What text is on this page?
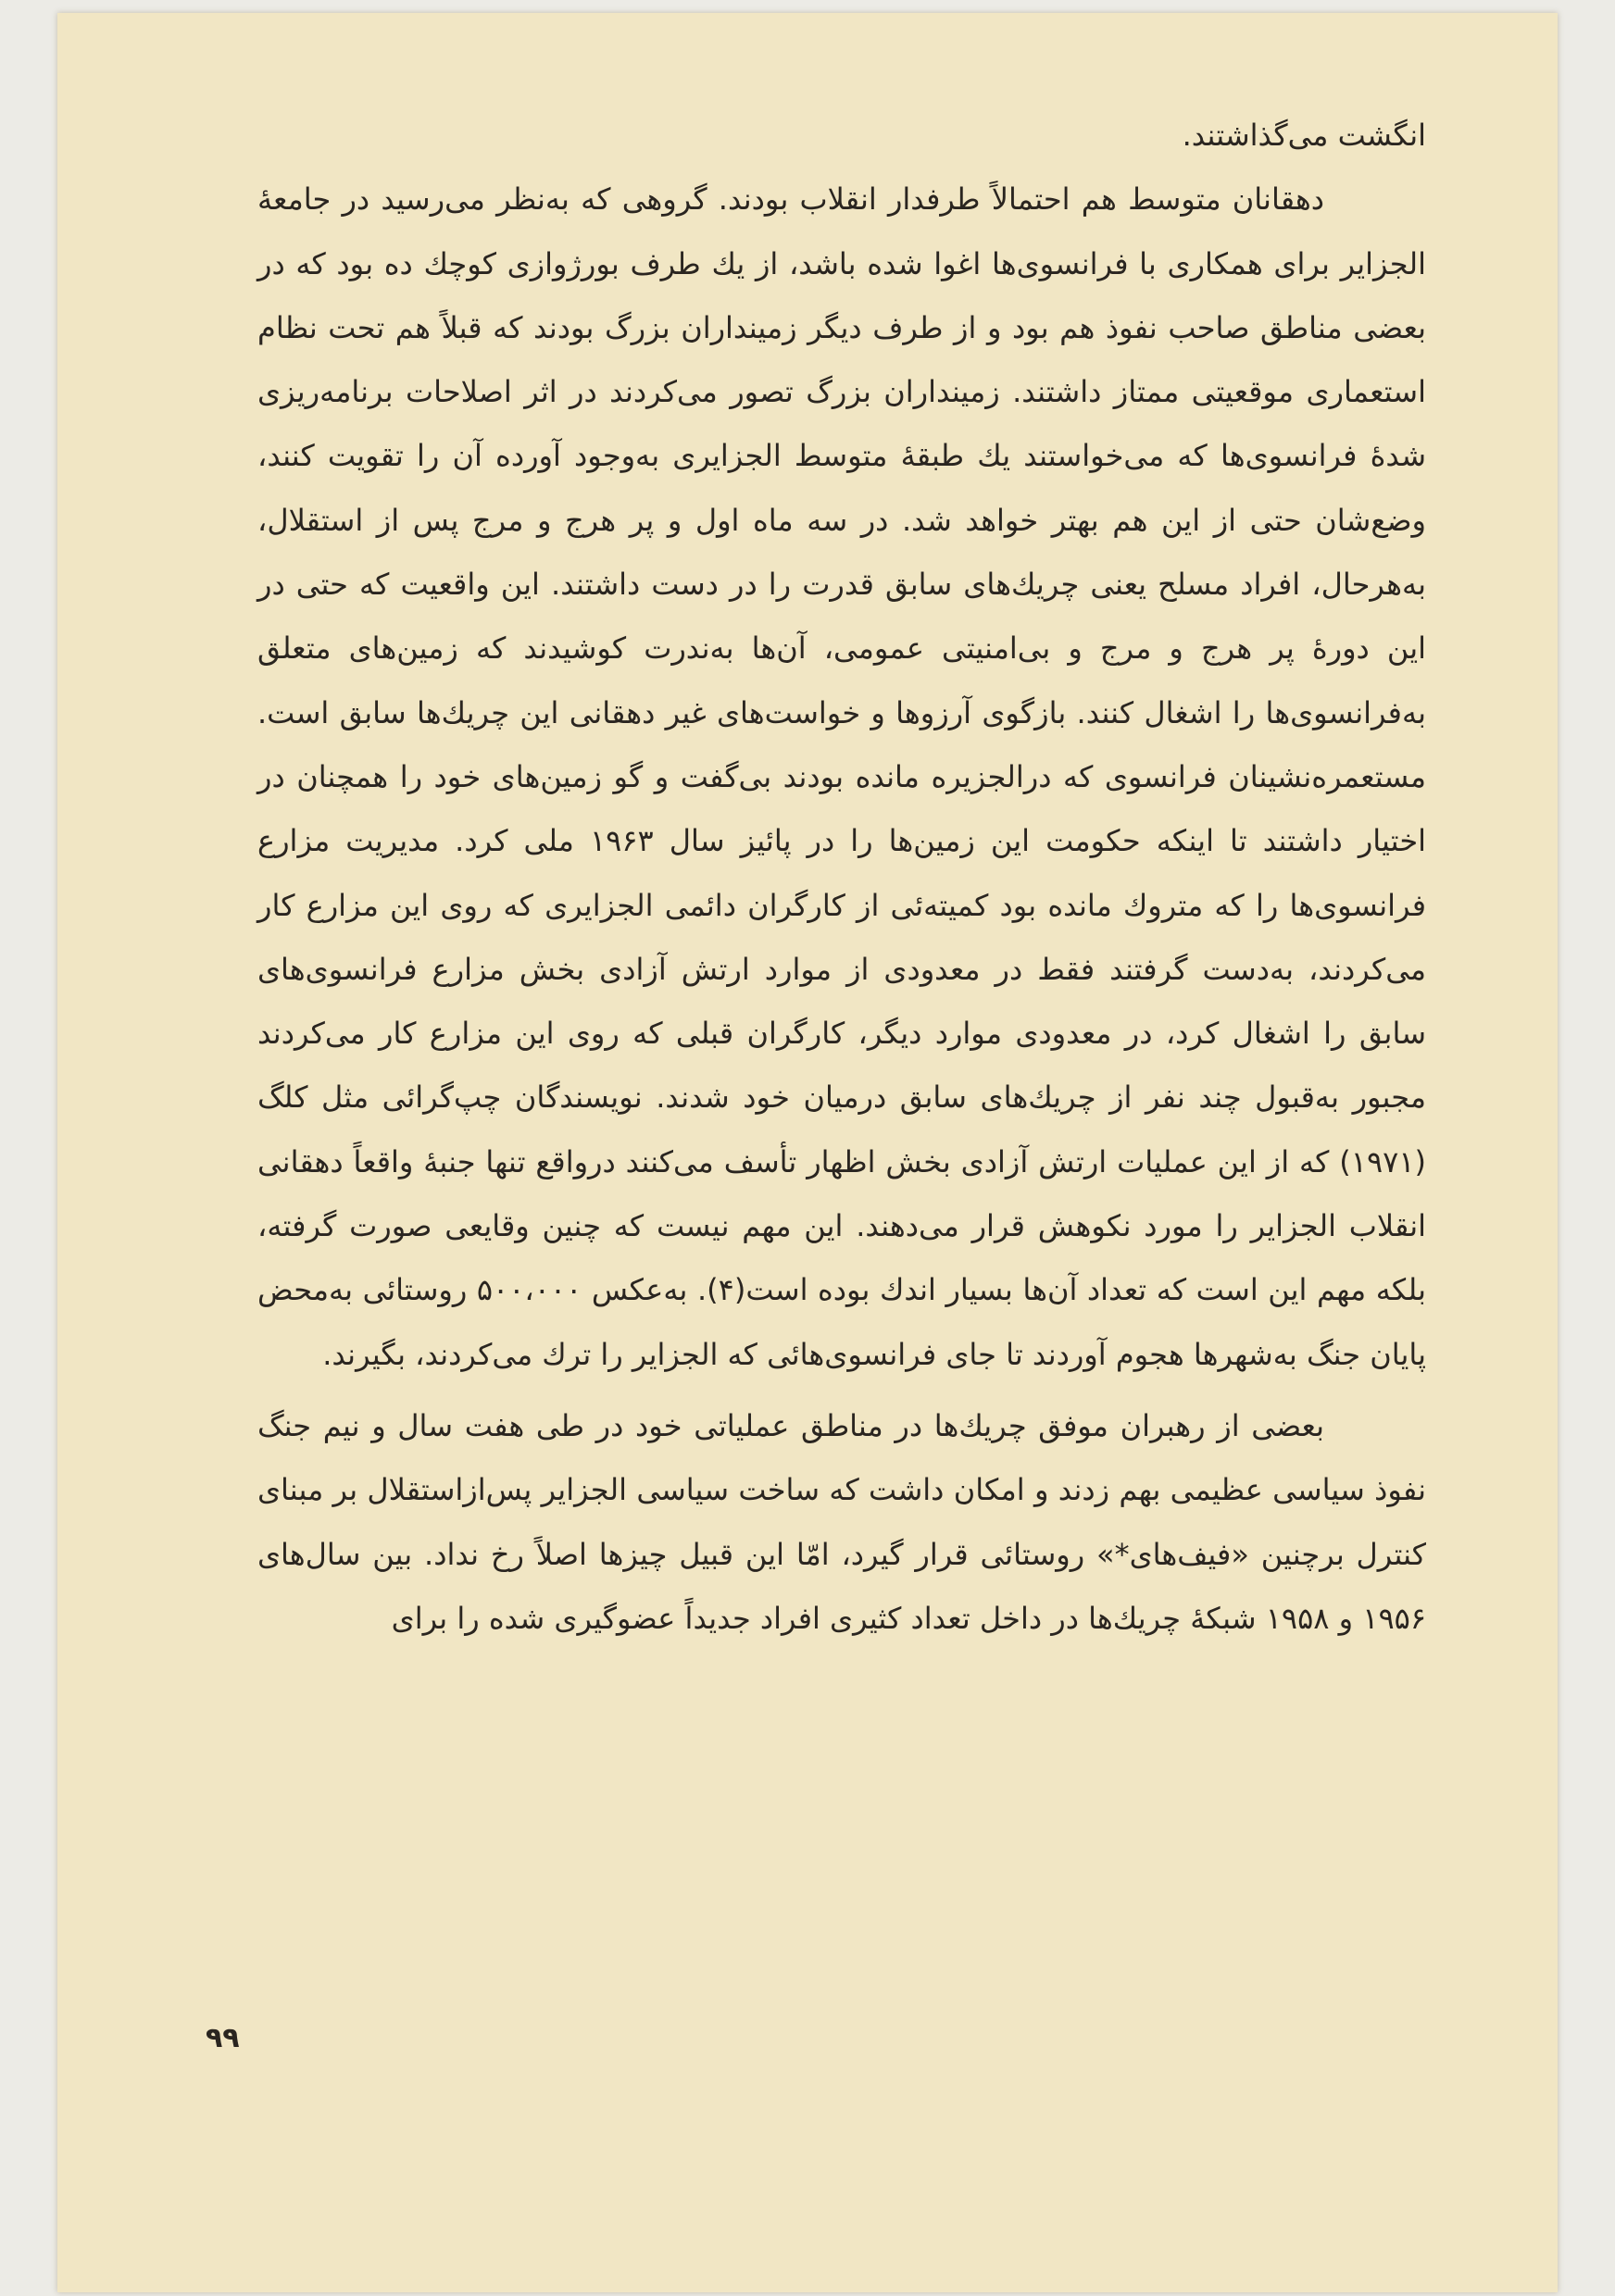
انگشت می‌گذاشتند.

دهقانان متوسط هم احتمالاً طرفدار انقلاب بودند. گروهی که به‌نظر می‌رسید در جامعهٔ الجزایر برای همکاری با فرانسوی‌ها اغوا شده باشد، از یك طرف بورژوازی کوچك ده بود که در بعضی مناطق صاحب نفوذ هم بود و از طرف دیگر زمینداران بزرگ بودند که قبلاً هم تحت نظام استعماری موقعیتی ممتاز داشتند. زمینداران بزرگ تصور می‌کردند در اثر اصلاحات برنامه‌ریزی شدهٔ فرانسوی‌ها که می‌خواستند یك طبقهٔ متوسط الجزایری به‌وجود آورده آن را تقویت کنند، وضع‌شان حتی از این هم بهتر خواهد شد. در سه ماه اول و پر هرج و مرج پس از استقلال، به‌هرحال، افراد مسلح یعنی چریك‌های سابق قدرت را در دست داشتند. این واقعیت که حتی در این دورهٔ پر هرج و مرج و بی‌امنیتی عمومی، آن‌ها به‌ندرت کوشیدند که زمین‌های متعلق به‌فرانسوی‌ها را اشغال کنند. بازگوی آرزوها و خواست‌های غیر دهقانی این چریك‌ها سابق است. مستعمره‌نشینان فرانسوی که درالجزیره مانده بودند بی‌گفت و گو زمین‌های خود را همچنان در اختیار داشتند تا اینکه حکومت این زمین‌ها را در پائیز سال ۱۹۶۳ ملی کرد. مدیریت مزارع فرانسوی‌ها را که متروك مانده بود کمیته‌ئی از کارگران دائمی الجزایری که روی این مزارع کار می‌کردند، به‌دست گرفتند فقط در معدودی از موارد ارتش آزادی بخش مزارع فرانسوی‌های سابق را اشغال کرد، در معدودی موارد دیگر، کارگران قبلی که روی این مزارع کار می‌کردند مجبور به‌قبول چند نفر از چریك‌های سابق درمیان خود شدند. نویسندگان چپ‌گرائی مثل کلگ (۱۹۷۱) که از این عملیات ارتش آزادی بخش اظهار تأسف می‌کنند درواقع تنها جنبهٔ واقعاً دهقانی انقلاب الجزایر را مورد نکوهش قرار می‌دهند. این مهم نیست که چنین وقایعی صورت گرفته، بلکه مهم این است که تعداد آن‌ها بسیار اندك بوده است(۴). به‌عکس ۵۰۰،۰۰۰ روستائی به‌محض پایان جنگ به‌شهرها هجوم آوردند تا جای فرانسوی‌هائی که الجزایر را ترك می‌کردند، بگیرند.

بعضی از رهبران موفق چریك‌ها در مناطق عملیاتی خود در طی هفت سال و نیم جنگ نفوذ سیاسی عظیمی بهم زدند و امکان داشت که ساخت سیاسی الجزایر پس‌ازاستقلال بر مبنای کنترل برچنین «فیف‌های*» روستائی قرار گیرد، امّا این قبیل چیزها اصلاً رخ نداد. بین سال‌های ۱۹۵۶ و ۱۹۵۸ شبکهٔ چریك‌ها در داخل تعداد کثیری افراد جدیداً عضوگیری شده را برای

۹۹
